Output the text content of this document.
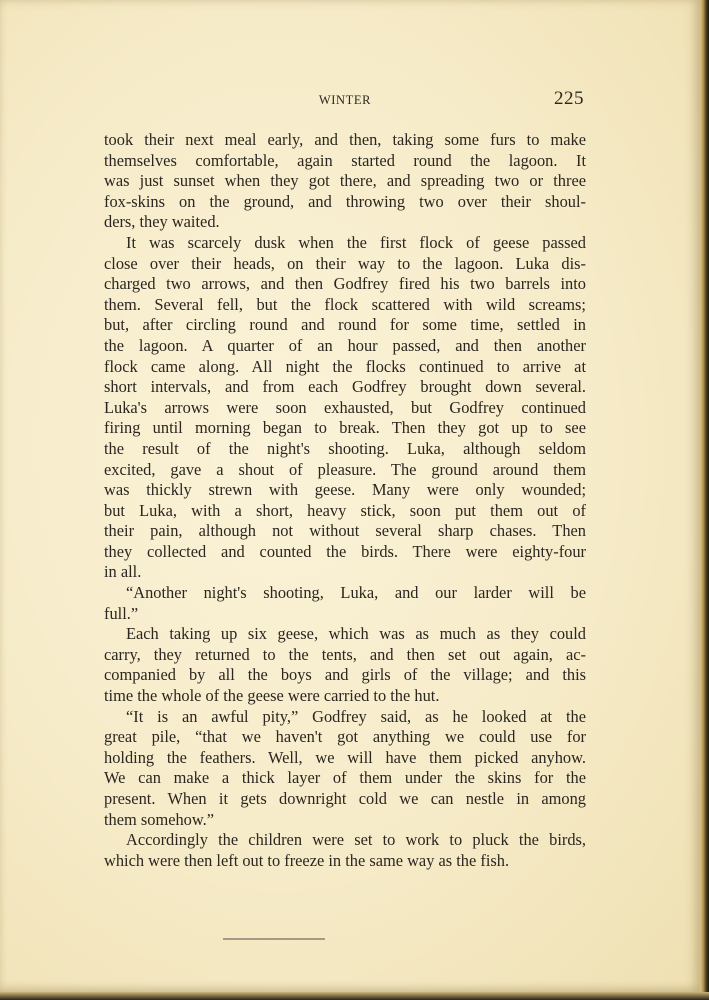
WINTER	225
took their next meal early, and then, taking some furs to make
themselves comfortable, again started round the lagoon. It
was just sunset when they got there, and spreading two or three
fox-skins on the ground, and throwing two over their shoul-
ders, they waited.
It was scarcely dusk when the first flock of geese passed
close over their heads, on their way to the lagoon. Luka dis-
charged two arrows, and then Godfrey fired his two barrels into
them. Several fell, but the flock scattered with wild screams;
but, after circling round and round for some time, settled in
the lagoon. A quarter of an hour passed, and then another
flock came along. All night the flocks continued to arrive at
short intervals, and from each Godfrey brought down several.
Luka's arrows were soon exhausted, but Godfrey continued
firing until morning began to break. Then they got up to see
the result of the night's shooting. Luka, although seldom
excited, gave a shout of pleasure. The ground around them
was thickly strewn with geese. Many were only wounded;
but Luka, with a short, heavy stick, soon put them out of
their pain, although not without several sharp chases. Then
they collected and counted the birds. There were eighty-four
in all.
“Another night's shooting, Luka, and our larder will be
full.”
Each taking up six geese, which was as much as they could
carry, they returned to the tents, and then set out again, ac-
companied by all the boys and girls of the village; and this
time the whole of the geese were carried to the hut.
“It is an awful pity,” Godfrey said, as he looked at the
great pile, “that we haven't got anything we could use for
holding the feathers. Well, we will have them picked anyhow.
We can make a thick layer of them under the skins for the
present. When it gets downright cold we can nestle in among
them somehow.”
Accordingly the children were set to work to pluck the birds,
which were then left out to freeze in the same way as the fish.
